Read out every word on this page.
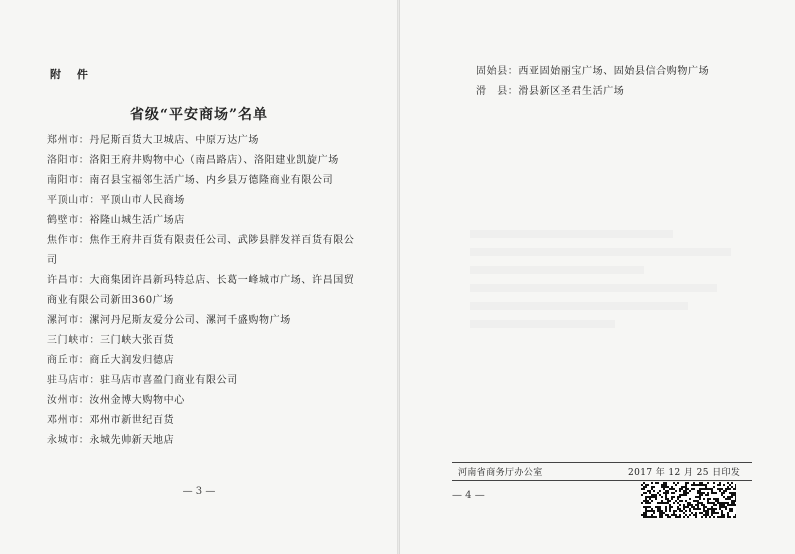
附 件
省级“平安商场”名单

郑州市：丹尼斯百货大卫城店、中原万达广场

洛阳市：洛阳王府井购物中心（南昌路店）、洛阳建业凯旋广场

南阳市：南召县宝福邻生活广场、内乡县万德隆商业有限公司

平顶山市：平顶山市人民商场

鹤壁市：裕隆山城生活广场店

焦作市：焦作王府井百货有限责任公司、武陟县胖发祥百货有限公司

许昌市：大商集团许昌新玛特总店、长葛一峰城市广场、许昌国贸商业有限公司新田360广场

漯河市：漯河丹尼斯友爱分公司、漯河千盛购物广场

三门峡市：三门峡大张百货

商丘市：商丘大润发归德店

驻马店市：驻马店市喜盈门商业有限公司

汝州市：汝州金博大购物中心

邓州市：邓州市新世纪百货

永城市：永城先帅新天地店

— 3 —

固始县：西亚固始丽宝广场、固始县信合购物广场

滑　县：滑县新区圣君生活广场

河南省商务厅办公室	2017 年 12 月 25 日印发
— 4 —
